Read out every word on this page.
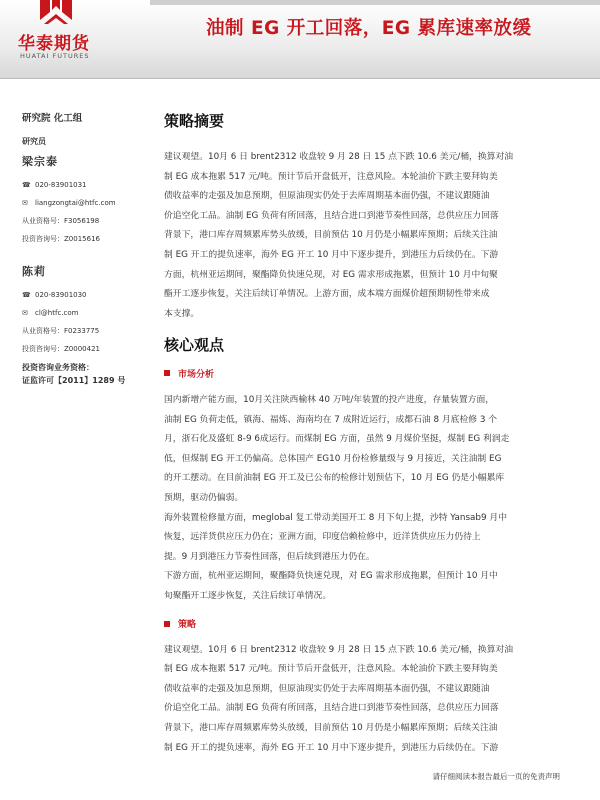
华泰期货
HUATAI FUTURES
油制 EG 开工回落，EG 累库速率放缓
研究院 化工组
研究员
梁宗泰
☎ 020-83901031
✉	liangzongtai@htfc.com
从业资格号：F3056198
投资咨询号：Z0015616
陈莉
☎ 020-83901030
✉	cl@htfc.com
从业资格号：F0233775
投资咨询号：Z0000421
投资咨询业务资格：
证监许可【2011】1289 号
策略摘要

建议观望。10月 6 日 brent2312 收盘较 9 月 28 日 15 点下跌 10.6 美元/桶，换算对油

制 EG 成本拖累 517 元/吨。预计节后开盘低开，注意风险。本轮油价下跌主要拜钩美

债收益率的走强及加息预期，但原油现实仍处于去库周期基本面仍强，不建议跟随油

价追空化工品。油制 EG 负荷有所回落，且结合进口到港节奏性回落，总供应压力回落

背景下，港口库存周频累库势头放缓，目前预估 10 月仍是小幅累库预期；后续关注油

制 EG 开工的提负速率，海外 EG 开工 10 月中下逐步提升，到港压力后续仍在。下游

方面，杭州亚运期间，聚酯降负快速兑现，对 EG 需求形成拖累，但预计 10 月中旬聚

酯开工逐步恢复，关注后续订单情况。上游方面，成本端方面煤价超预期韧性带来成

本支撑。

核心观点
市场分析

国内新增产能方面，10月关注陕西榆林 40 万吨/年装置的投产进度，存量装置方面，

油制 EG 负荷走低，镇海、福炼、海南均在 7 成附近运行，成都石油 8 月底检修 3 个

月，浙石化及盛虹 8-9 6成运行。而煤制 EG 方面，虽然 9 月煤价坚挺，煤制 EG 利润走

低，但煤制 EG 开工仍偏高。总体国产 EG10 月份检修量级与 9 月接近，关注油制 EG

的开工摆动。在目前油制 EG 开工及已公布的检修计划预估下，10 月 EG 仍是小幅累库

预期，驱动仍偏弱。

海外装置检修量方面，meglobal 复工带动美国开工 8 月下旬上提，沙特 Yansab9 月中

恢复，远洋货供应压力仍在；亚洲方面，印度信赖检修中，近洋货供应压力仍待上

提。9 月到港压力节奏性回落，但后续到港压力仍在。

下游方面，杭州亚运期间，聚酯降负快速兑现，对 EG 需求形成拖累，但预计 10 月中

旬聚酯开工逐步恢复，关注后续订单情况。

策略

建议观望。10月 6 日 brent2312 收盘较 9 月 28 日 15 点下跌 10.6 美元/桶，换算对油

制 EG 成本拖累 517 元/吨。预计节后开盘低开，注意风险。本轮油价下跌主要拜钩美

债收益率的走强及加息预期，但原油现实仍处于去库周期基本面仍强，不建议跟随油

价追空化工品。油制 EG 负荷有所回落，且结合进口到港节奏性回落，总供应压力回落

背景下，港口库存周频累库势头放缓，目前预估 10 月仍是小幅累库预期；后续关注油

制 EG 开工的提负速率，海外 EG 开工 10 月中下逐步提升，到港压力后续仍在。下游

请仔细阅读本报告最后一页的免责声明
